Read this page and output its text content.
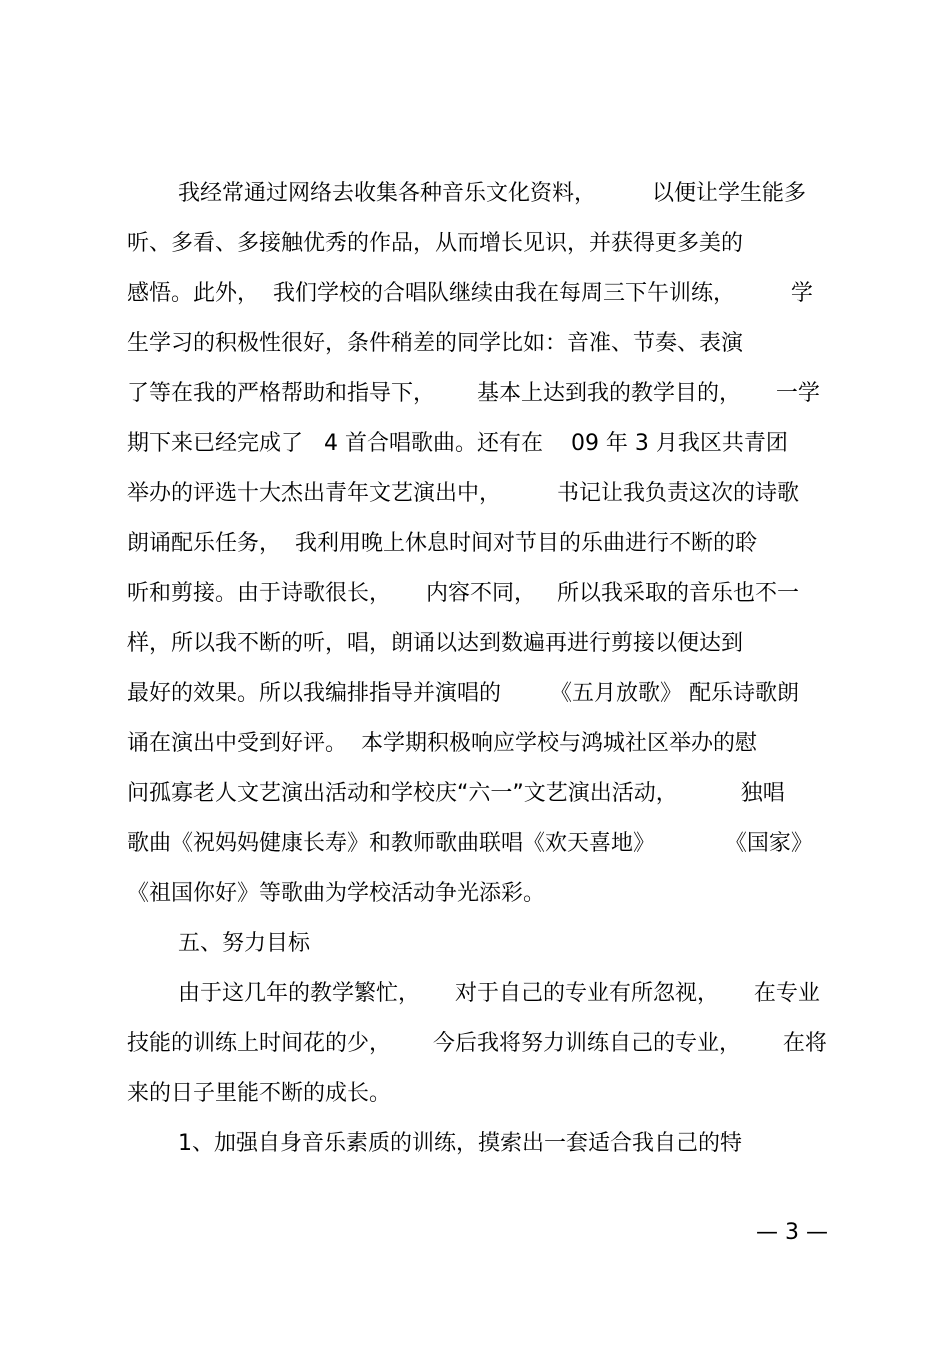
我经常通过网络去收集各种音乐文化资料，        以便让学生能多
听、多看、多接触优秀的作品，从而增长见识，并获得更多美的
感悟。此外，  我们学校的合唱队继续由我在每周三下午训练，        学
生学习的积极性很好，条件稍差的同学比如：音准、节奏、表演
了等在我的严格帮助和指导下，      基本上达到我的教学目的，     一学
期下来已经完成了   4 首合唱歌曲。还有在    09 年 3 月我区共青团
举办的评选十大杰出青年文艺演出中，        书记让我负责这次的诗歌
朗诵配乐任务，  我利用晚上休息时间对节目的乐曲进行不断的聆
听和剪接。由于诗歌很长，     内容不同，   所以我采取的音乐也不一
样，所以我不断的听，唱，朗诵以达到数遍再进行剪接以便达到
最好的效果。所以我编排指导并演唱的       《五月放歌》 配乐诗歌朗
诵在演出中受到好评。  本学期积极响应学校与鸿城社区举办的慰
问孤寡老人文艺演出活动和学校庆“六一”文艺演出活动，         独唱
歌曲《祝妈妈健康长寿》和教师歌曲联唱《欢天喜地》          《国家》
《祖国你好》等歌曲为学校活动争光添彩。
五、努力目标
由于这几年的教学繁忙，     对于自己的专业有所忽视，     在专业
技能的训练上时间花的少，      今后我将努力训练自己的专业，      在将
来的日子里能不断的成长。
1、加强自身音乐素质的训练，摸索出一套适合我自己的特
— 3 —
